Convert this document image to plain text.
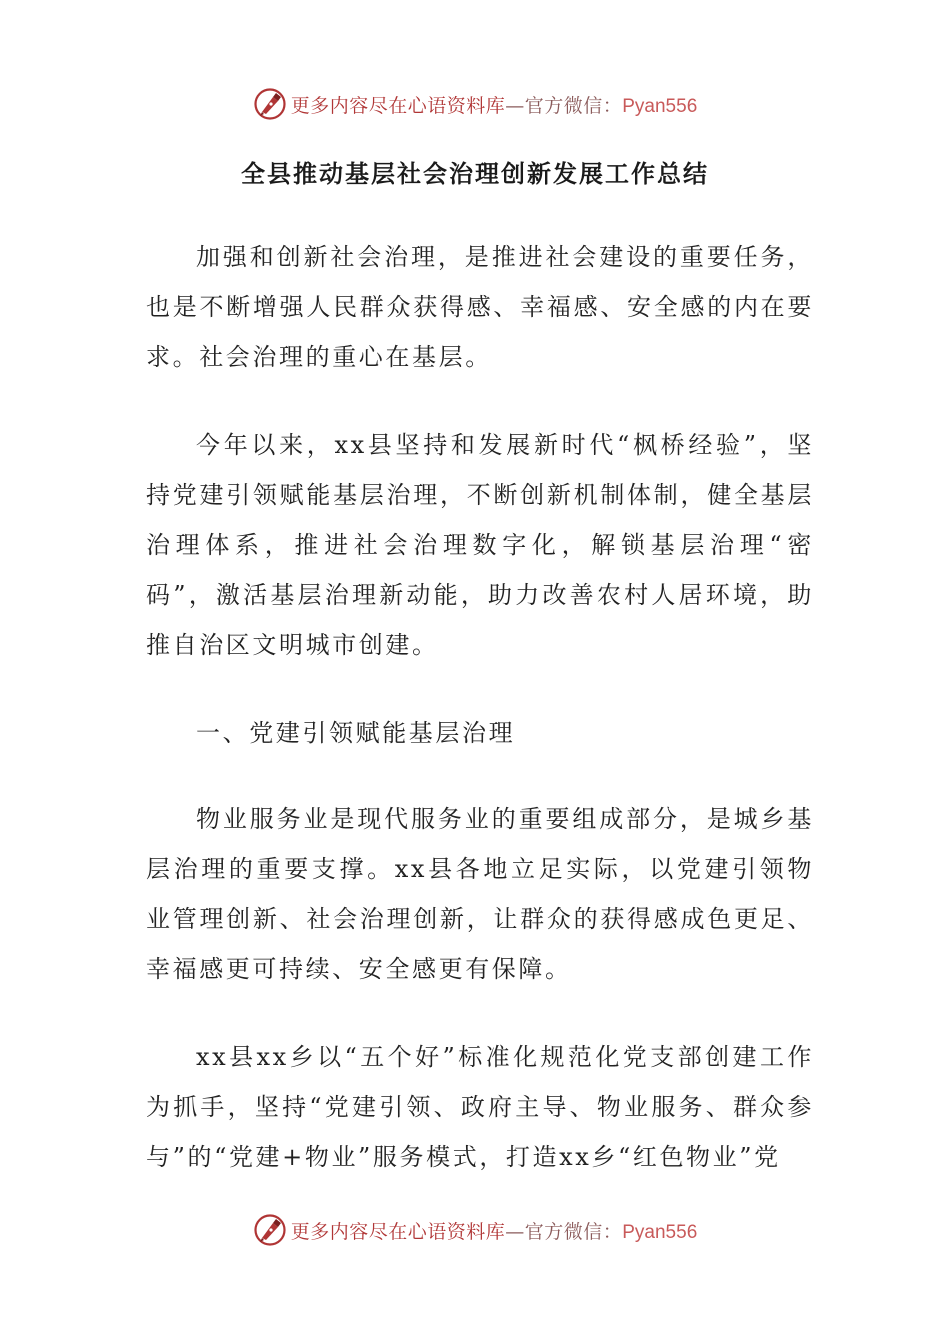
更多内容尽在心语资料库—官方微信：Pyan556
全县推动基层社会治理创新发展工作总结

加强和创新社会治理，是推进社会建设的重要任务，也是不断增强人民群众获得感、幸福感、安全感的内在要求。社会治理的重心在基层。

今年以来，xx县坚持和发展新时代“枫桥经验”，坚持党建引领赋能基层治理，不断创新机制体制，健全基层治理体系，推进社会治理数字化，解锁基层治理“密码”，激活基层治理新动能，助力改善农村人居环境，助推自治区文明城市创建。

一、党建引领赋能基层治理

物业服务业是现代服务业的重要组成部分，是城乡基层治理的重要支撑。xx县各地立足实际，以党建引领物业管理创新、社会治理创新，让群众的获得感成色更足、幸福感更可持续、安全感更有保障。

xx县xx乡以“五个好”标准化规范化党支部创建工作为抓手，坚持“党建引领、政府主导、物业服务、群众参与”的“党建+物业”服务模式，打造xx乡“红色物业”党

更多内容尽在心语资料库—官方微信：Pyan556
